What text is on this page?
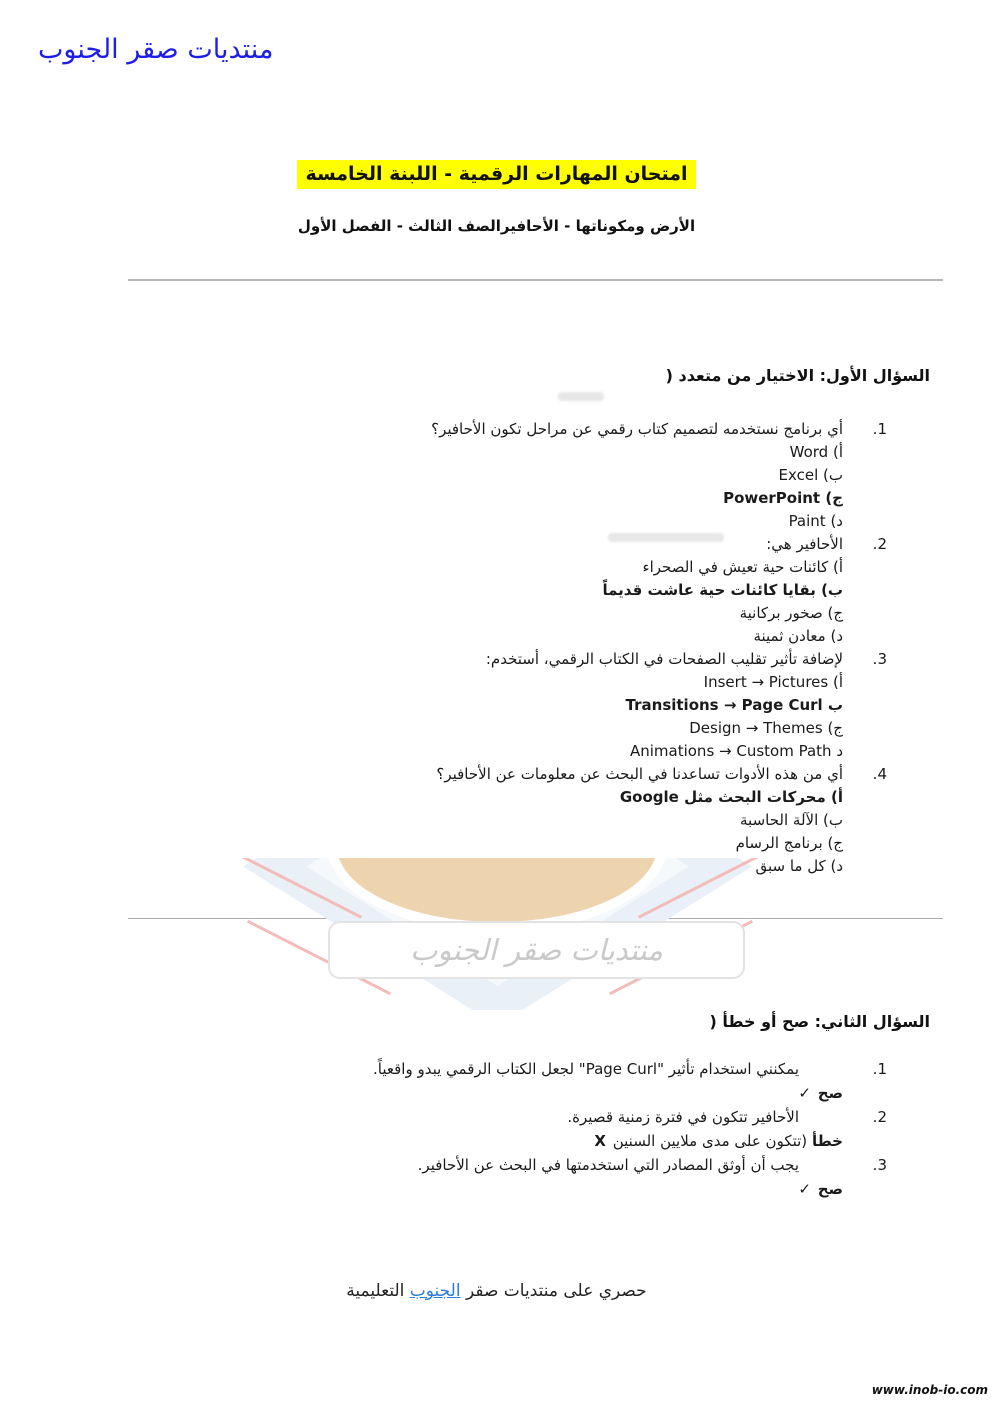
منتديات صقر الجنوب
امتحان المهارات الرقمية - اللبنة الخامسة
الأرض ومكوناتها - الأحافيرالصف الثالث - الفصل الأول
منتديات صقر الجنوب
السؤال الأول: الاختيار من متعدد (
1.
أي برنامج نستخدمه لتصميم كتاب رقمي عن مراحل تكون الأحافير؟
أ) Word
ب) Excel
ج) PowerPoint
د) Paint
2.
الأحافير هي:
أ) كائنات حية تعيش في الصحراء
ب) بقايا كائنات حية عاشت قديماً
ج) صخور بركانية
د) معادن ثمينة
3.
لإضافة تأثير تقليب الصفحات في الكتاب الرقمي، أستخدم:
أ) Insert → Pictures
ب Transitions → Page Curl
ج) Design → Themes
د Animations → Custom Path
4.
أي من هذه الأدوات تساعدنا في البحث عن معلومات عن الأحافير؟
أ) محركات البحث مثل Google
ب) الآلة الحاسبة
ج) برنامج الرسام
د) كل ما سبق
السؤال الثاني: صح أو خطأ (
1.
يمكنني استخدام تأثير "Page Curl" لجعل الكتاب الرقمي يبدو واقعياً.
صح ✓
2.
الأحافير تتكون في فترة زمنية قصيرة.
خطأ (تتكون على مدى ملايين السنين X
3.
يجب أن أوثق المصادر التي استخدمتها في البحث عن الأحافير.
صح ✓
حصري على منتديات صقر الجنوب التعليمية
www.inob-io.com
